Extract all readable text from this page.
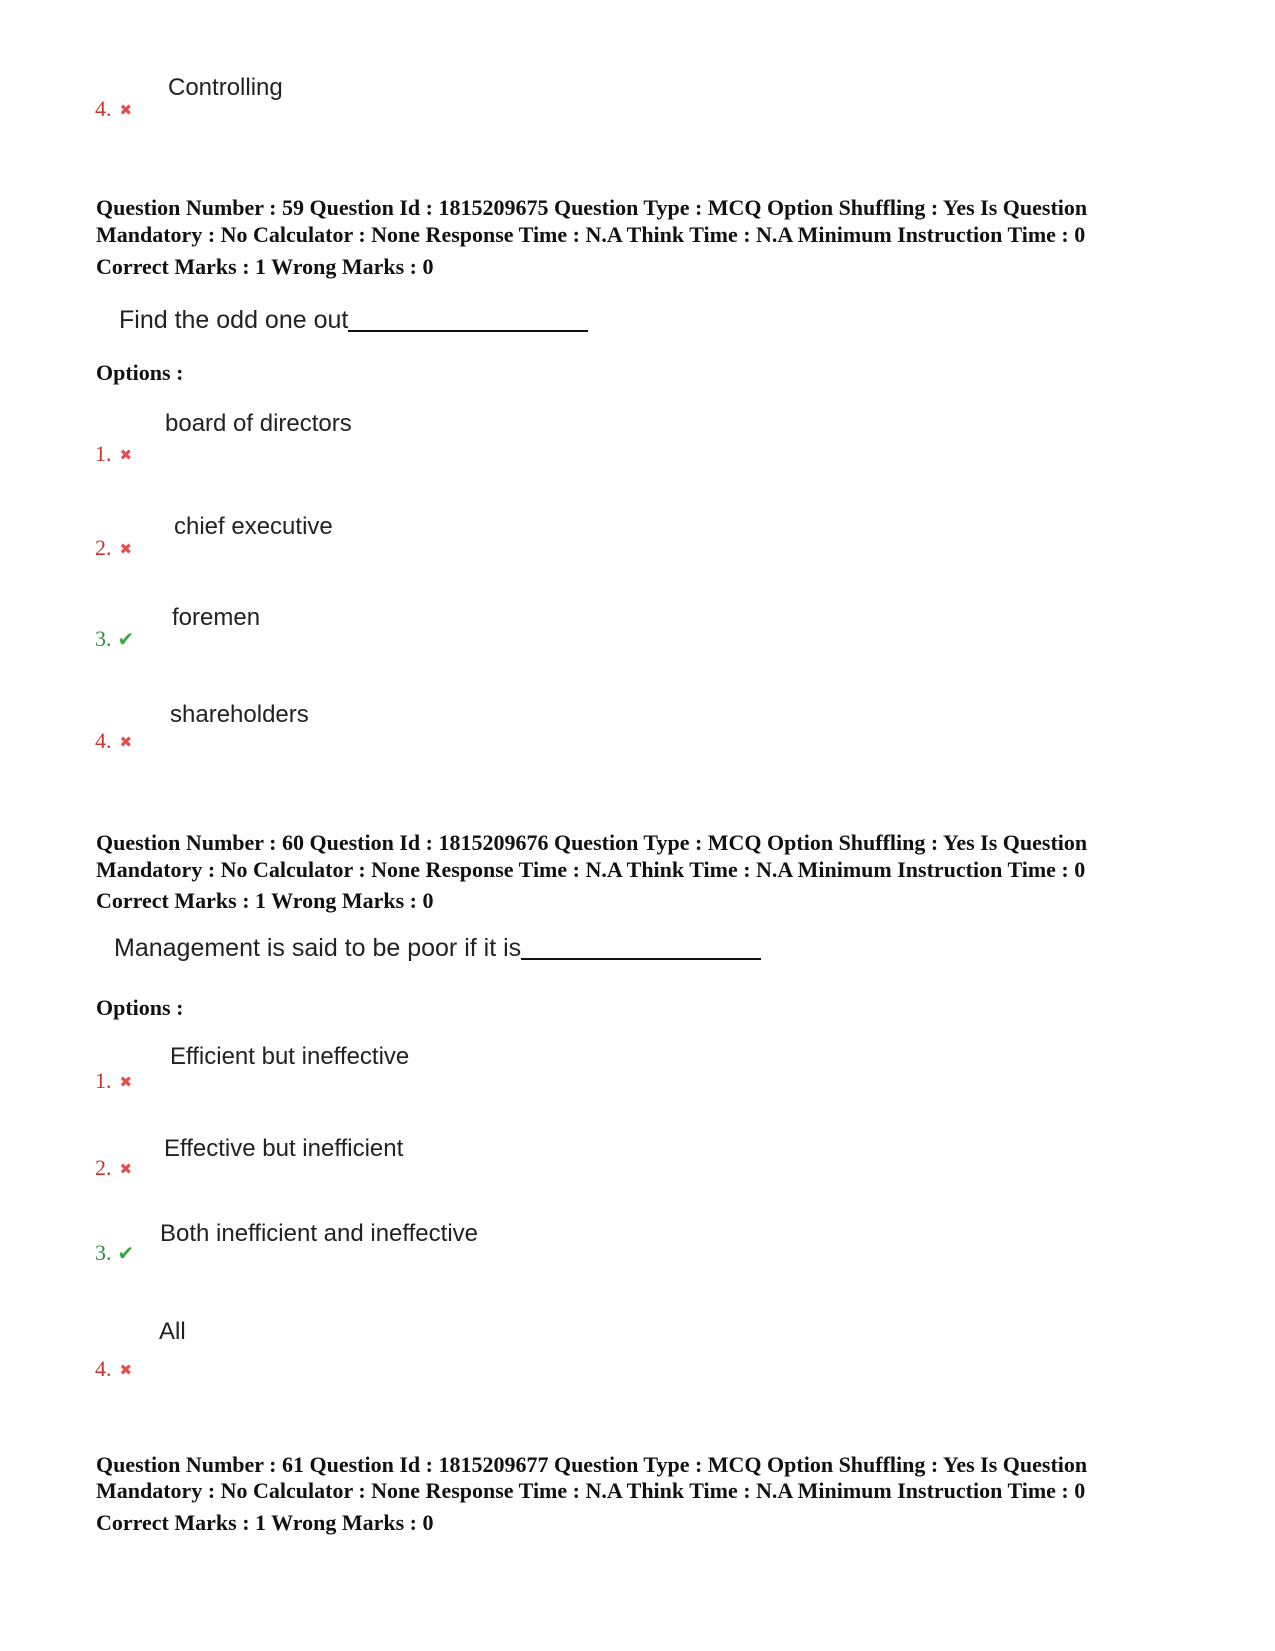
Controlling
4. ✖
Question Number : 59 Question Id : 1815209675 Question Type : MCQ Option Shuffling : Yes Is Question
Mandatory : No Calculator : None Response Time : N.A Think Time : N.A Minimum Instruction Time : 0
Correct Marks : 1 Wrong Marks : 0
Find the odd one out
Options :
board of directors
1. ✖
chief executive
2. ✖
foremen
3. ✔
shareholders
4. ✖
Question Number : 60 Question Id : 1815209676 Question Type : MCQ Option Shuffling : Yes Is Question
Mandatory : No Calculator : None Response Time : N.A Think Time : N.A Minimum Instruction Time : 0
Correct Marks : 1 Wrong Marks : 0
Management is said to be poor if it is
Options :
Efficient but ineffective
1. ✖
Effective but inefficient
2. ✖
Both inefficient and ineffective
3. ✔
All
4. ✖
Question Number : 61 Question Id : 1815209677 Question Type : MCQ Option Shuffling : Yes Is Question
Mandatory : No Calculator : None Response Time : N.A Think Time : N.A Minimum Instruction Time : 0
Correct Marks : 1 Wrong Marks : 0
